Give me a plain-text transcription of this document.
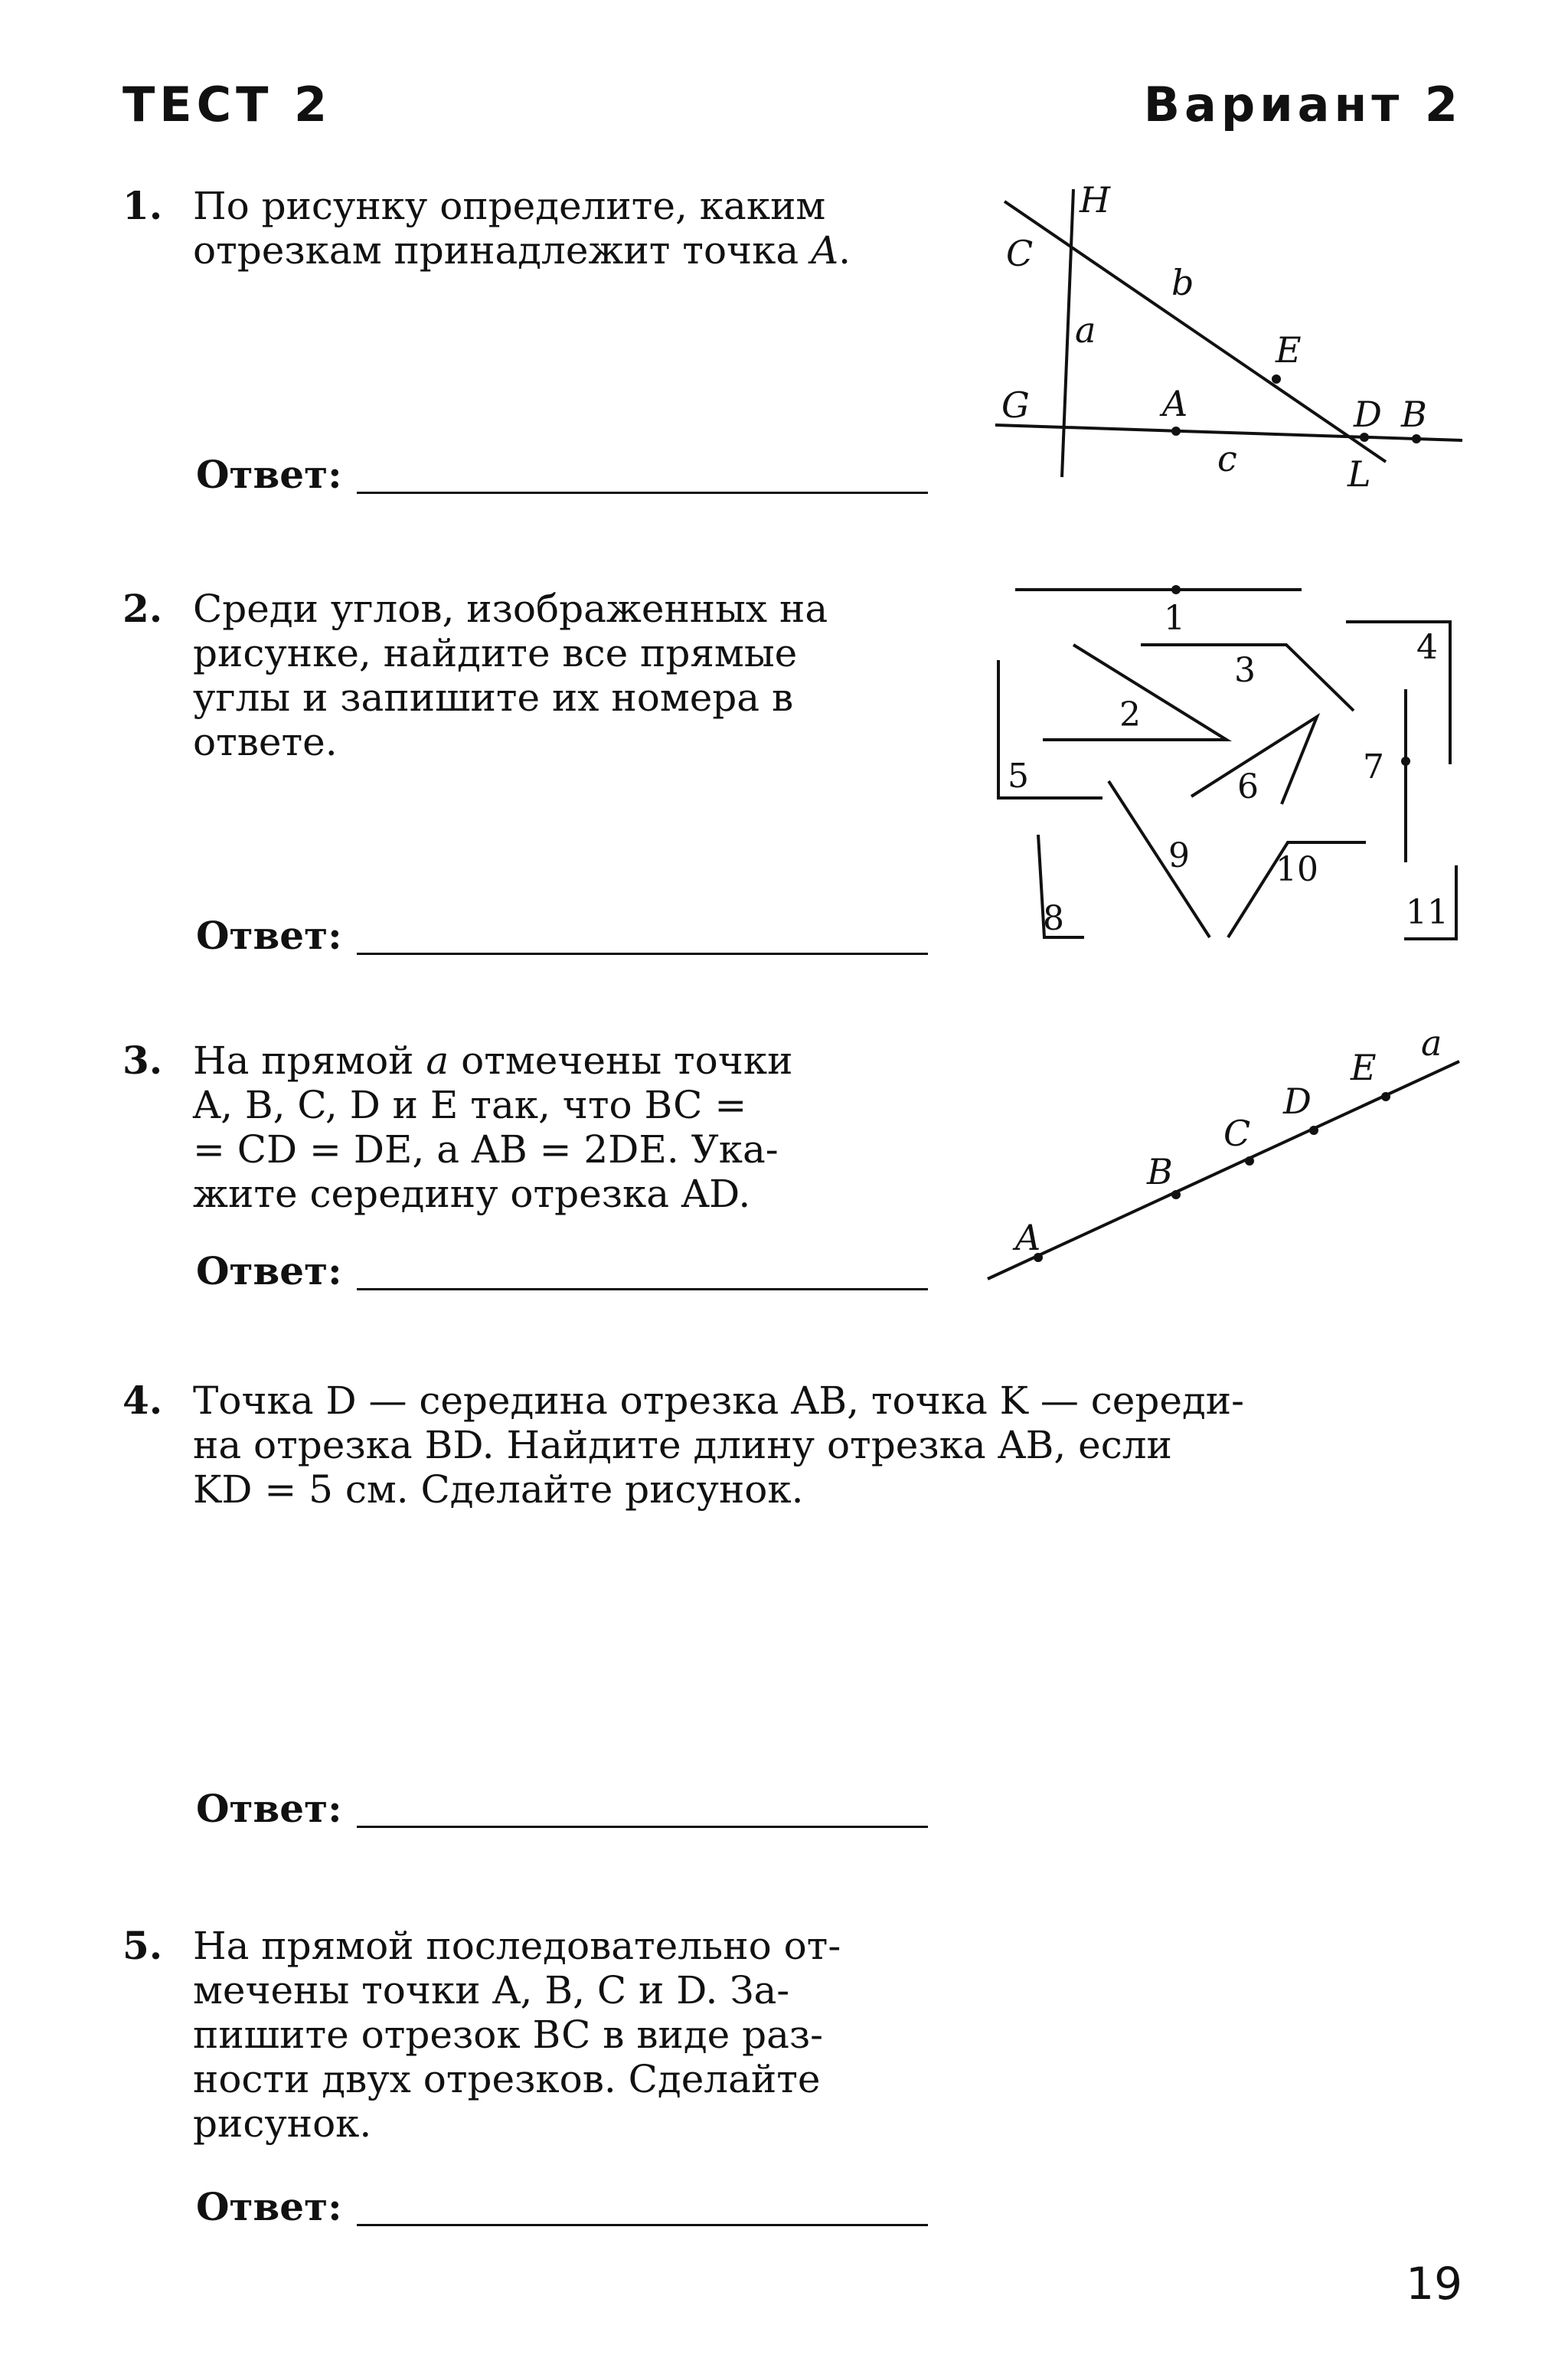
ТЕСТ 2	Вариант 2
1. По рисунку определите, каким
отрезкам принадлежит точка A.
Ответ:
H
C
b
a	E
G	A	D B
c	L
2. Среди углов, изображенных на
рисунке, найдите все прямые
углы и запишите их номера в
ответе.
Ответ:
1
2
3
4
5	6
7
8
9	10
11
3. На прямой a отмечены точки
A, B, C, D и E так, что BC =
= CD = DE, а AB = 2DE. Ука-
жите середину отрезка AD.
Ответ:
A
B
C
D
E
a
4. Точка D — середина отрезка AB, точка K — середи-
на отрезка BD. Найдите длину отрезка AB, если
KD = 5 см. Сделайте рисунок.
Ответ:
5. На прямой последовательно от-
мечены точки A, B, C и D. За-
пишите отрезок BC в виде раз-
ности двух отрезков. Сделайте
рисунок.
Ответ:
19
